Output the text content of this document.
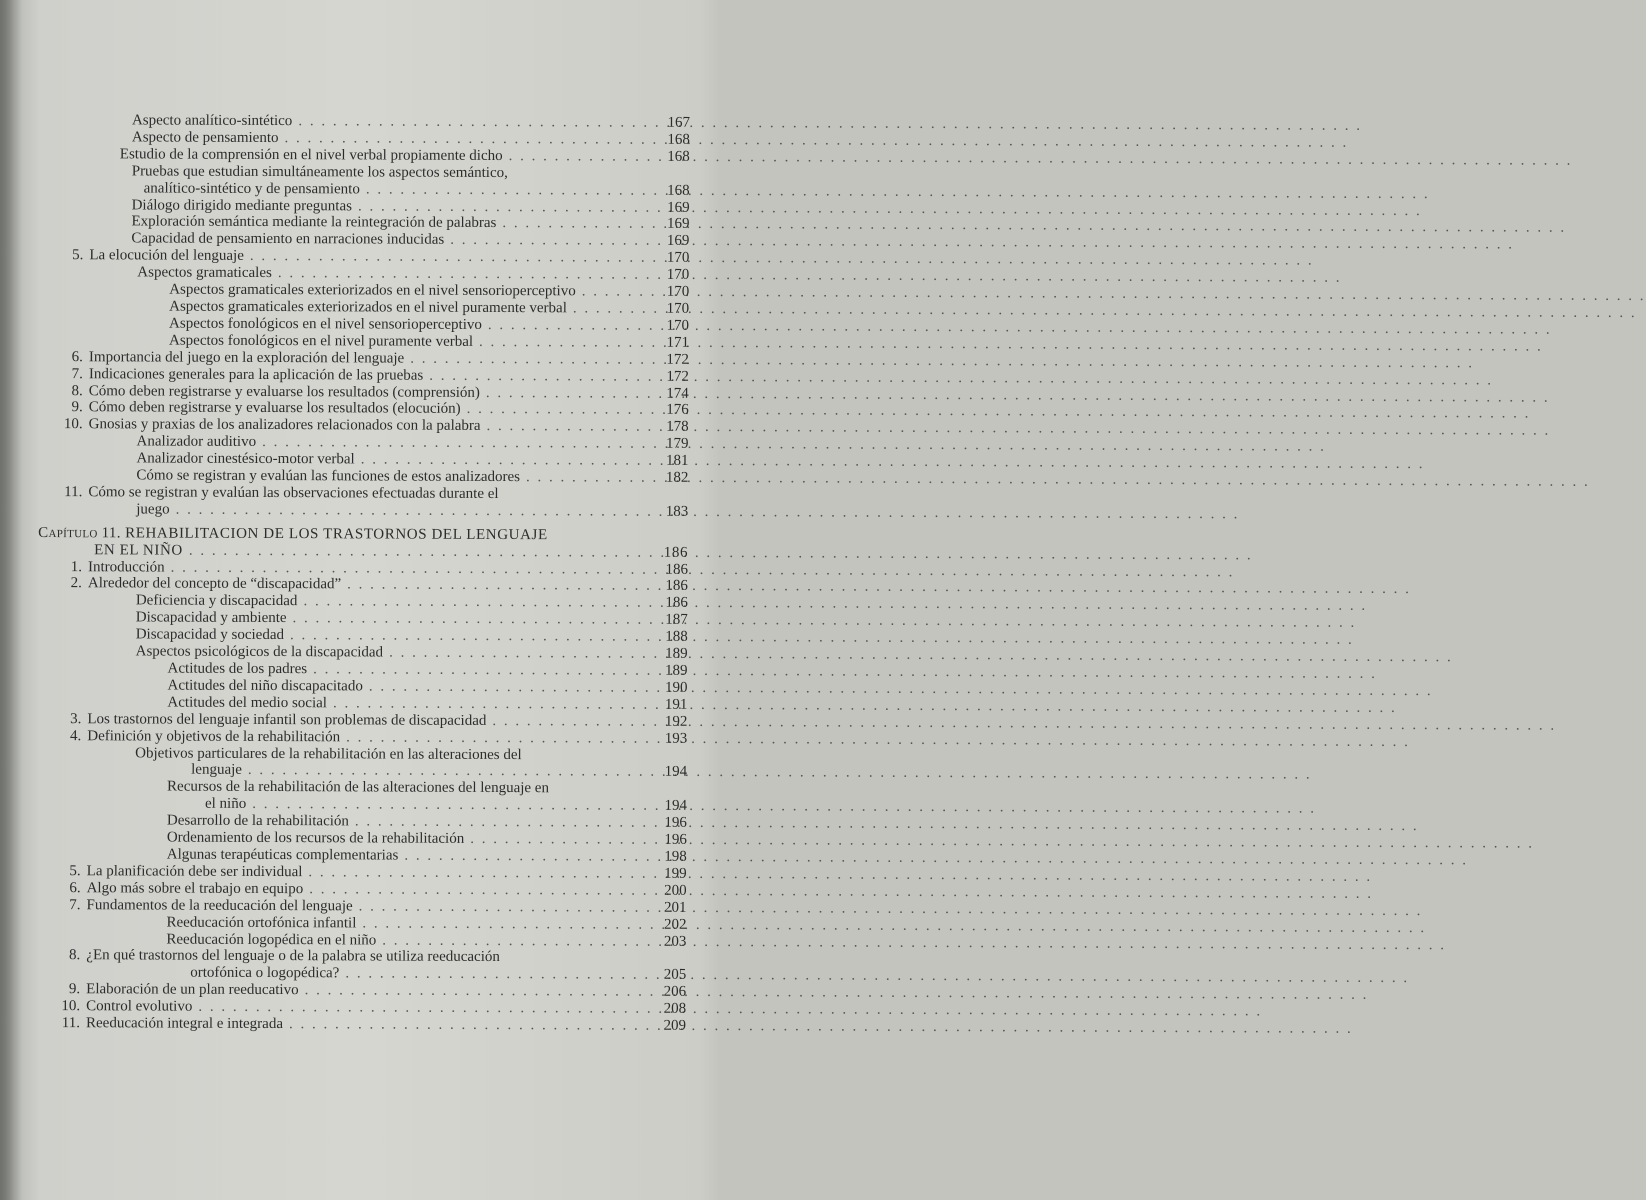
Aspecto analítico-sintético . . .	167
Aspecto de pensamiento . . .	168
Estudio de la comprensión en el nivel verbal propiamente dicho . . .	168
Pruebas que estudian simultáneamente los aspectos semántico,
analítico-sintético y de pensamiento . . .	168
Diálogo dirigido mediante preguntas . . .	169
Exploración semántica mediante la reintegración de palabras . . .	169
Capacidad de pensamiento en narraciones inducidas . . .	169
5. La elocución del lenguaje . . .	170
Aspectos gramaticales . . .	170
Aspectos gramaticales exteriorizados en el nivel sensorioperceptivo . . .	170
Aspectos gramaticales exteriorizados en el nivel puramente verbal . . .	170
Aspectos fonológicos en el nivel sensorioperceptivo . . .	170
Aspectos fonológicos en el nivel puramente verbal . . .	171
6. Importancia del juego en la exploración del lenguaje . . .	172
7. Indicaciones generales para la aplicación de las pruebas . . .	172
8. Cómo deben registrarse y evaluarse los resultados (comprensión) . . .	174
9. Cómo deben registrarse y evaluarse los resultados (elocución) . . .	176
10. Gnosias y praxias de los analizadores relacionados con la palabra . . .	178
Analizador auditivo . . .	179
Analizador cinestésico-motor verbal . . .	181
Cómo se registran y evalúan las funciones de estos analizadores . . .	182
11. Cómo se registran y evalúan las observaciones efectuadas durante el
juego . . .	183
Capítulo 11. REHABILITACION DE LOS TRASTORNOS DEL LENGUAJE
EN EL NIÑO . . .	186
1. Introducción . . .	186
2. Alrededor del concepto de “discapacidad” . . .	186
Deficiencia y discapacidad . . .	186
Discapacidad y ambiente . . .	187
Discapacidad y sociedad . . .	188
Aspectos psicológicos de la discapacidad . . .	189
Actitudes de los padres . . .	189
Actitudes del niño discapacitado . . .	190
Actitudes del medio social . . .	191
3. Los trastornos del lenguaje infantil son problemas de discapacidad . . .	192
4. Definición y objetivos de la rehabilitación . . .	193
Objetivos particulares de la rehabilitación en las alteraciones del
lenguaje . . .	194
Recursos de la rehabilitación de las alteraciones del lenguaje en
el niño . . .	194
Desarrollo de la rehabilitación . . .	196
Ordenamiento de los recursos de la rehabilitación . . .	196
Algunas terapéuticas complementarias . . .	198
5. La planificación debe ser individual . . .	199
6. Algo más sobre el trabajo en equipo . . .	200
7. Fundamentos de la reeducación del lenguaje . . .	201
Reeducación ortofónica infantil . . .	202
Reeducación logopédica en el niño . . .	203
8. ¿En qué trastornos del lenguaje o de la palabra se utiliza reeducación
ortofónica o logopédica? . . .	205
9. Elaboración de un plan reeducativo . . .	206
10. Control evolutivo . . .	208
11. Reeducación integral e integrada . . .	209
